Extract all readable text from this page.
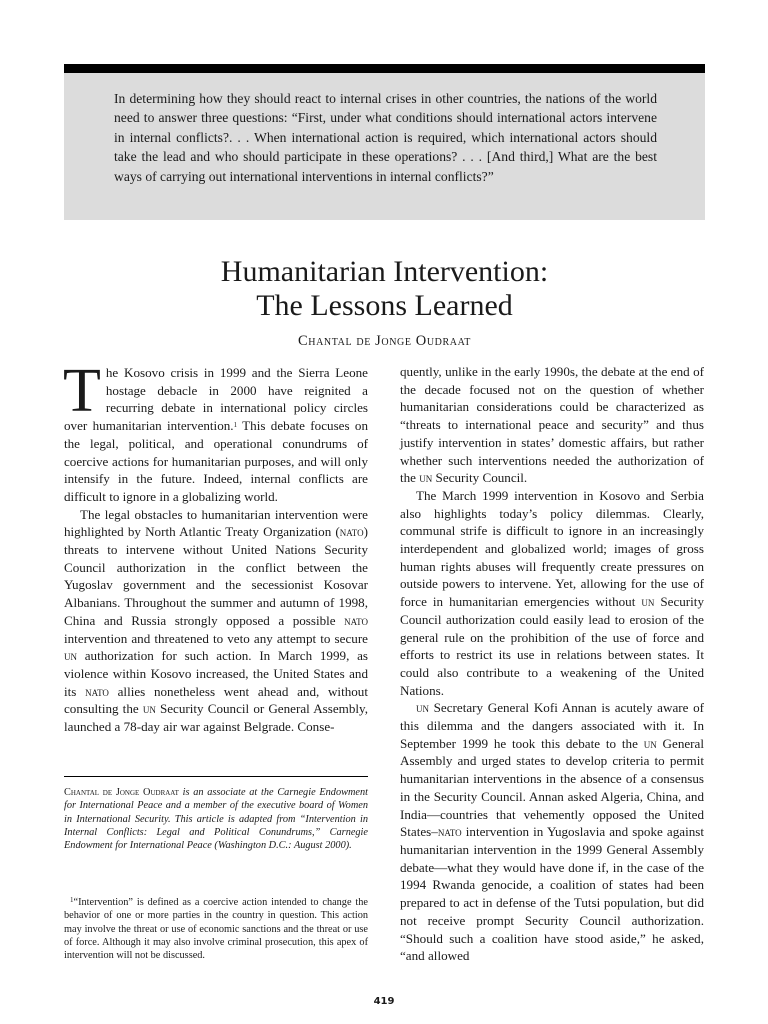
In determining how they should react to internal crises in other countries, the nations of the world need to answer three questions: “First, under what conditions should international actors intervene in internal conflicts?. . . When international action is required, which international actors should take the lead and who should participate in these operations? . . . [And third,] What are the best ways of carrying out international interventions in internal conflicts?”

Humanitarian Intervention:
The Lessons Learned

Chantal de Jonge Oudraat

The Kosovo crisis in 1999 and the Sierra Leone hostage debacle in 2000 have reignited a recurring debate in international policy circles over humanitarian intervention.$^1$ This debate focuses on the legal, political, and operational conundrums of coercive actions for humanitarian purposes, and will only intensify in the future. Indeed, internal conflicts are difficult to ignore in a globalizing world.

The legal obstacles to humanitarian intervention were highlighted by North Atlantic Treaty Organization (nato) threats to intervene without United Nations Security Council authorization in the conflict between the Yugoslav government and the secessionist Kosovar Albanians. Throughout the summer and autumn of 1998, China and Russia strongly opposed a possible nato intervention and threatened to veto any attempt to secure un authorization for such action. In March 1999, as violence within Kosovo increased, the United States and its nato allies nonetheless went ahead and, without consulting the un Security Council or General Assembly, launched a 78-day air war against Belgrade. Conse-

Chantal de Jonge Oudraat is an associate at the Carnegie Endowment for International Peace and a member of the executive board of Women in International Security. This article is adapted from “Intervention in Internal Conflicts: Legal and Political Conundrums,” Carnegie Endowment for International Peace (Washington D.C.: August 2000).

$^1$“Intervention” is defined as a coercive action intended to change the behavior of one or more parties in the country in question. This action may involve the threat or use of economic sanctions and the threat or use of force. Although it may also involve criminal prosecution, this apex of intervention will not be discussed.

quently, unlike in the early 1990s, the debate at the end of the decade focused not on the question of whether humanitarian considerations could be characterized as “threats to international peace and security” and thus justify intervention in states’ domestic affairs, but rather whether such interventions needed the authorization of the un Security Council.

The March 1999 intervention in Kosovo and Serbia also highlights today’s policy dilemmas. Clearly, communal strife is difficult to ignore in an increasingly interdependent and globalized world; images of gross human rights abuses will frequently create pressures on outside powers to intervene. Yet, allowing for the use of force in humanitarian emergencies without un Security Council authorization could easily lead to erosion of the general rule on the prohibition of the use of force and efforts to restrict its use in relations between states. It could also contribute to a weakening of the United Nations.

un Secretary General Kofi Annan is acutely aware of this dilemma and the dangers associated with it. In September 1999 he took this debate to the un General Assembly and urged states to develop criteria to permit humanitarian interventions in the absence of a consensus in the Security Council. Annan asked Algeria, China, and India—countries that vehemently opposed the United States–nato intervention in Yugoslavia and spoke against humanitarian intervention in the 1999 General Assembly debate—what they would have done if, in the case of the 1994 Rwanda genocide, a coalition of states had been prepared to act in defense of the Tutsi population, but did not receive prompt Security Council authorization. “Should such a coalition have stood aside,” he asked, “and allowed

419
